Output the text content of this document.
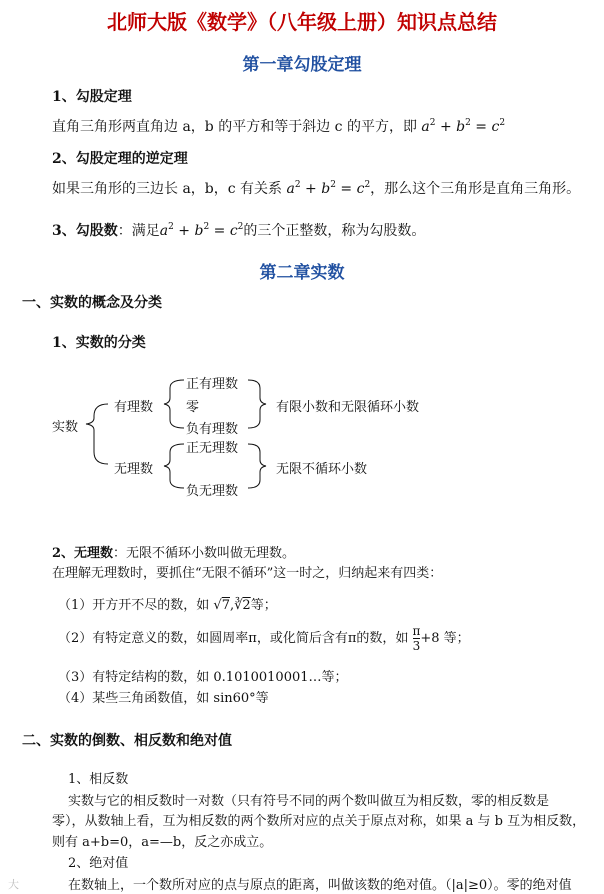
北师大版《数学》（八年级上册）知识点总结
第一章勾股定理
1、勾股定理
直角三角形两直角边 a，b 的平方和等于斜边 c 的平方，即 $a^2 + b^2 = c^2$
2、勾股定理的逆定理
如果三角形的三边长 a，b，c 有关系 $a^2 + b^2 = c^2$，那么这个三角形是直角三角形。
3、勾股数：满足$a^2 + b^2 = c^2$的三个正整数，称为勾股数。
第二章实数
一、实数的概念及分类
1、实数的分类
实数
有理数
无理数
正有理数
零
负有理数
正无理数
负无理数
有限小数和无限循环小数
无限不循环小数
2、无理数：无限不循环小数叫做无理数。
在理解无理数时，要抓住“无限不循环”这一时之，归纳起来有四类：
（1）开方开不尽的数，如 √7,∛2等；
（2）有特定意义的数，如圆周率π，或化简后含有π的数，如 $\frac{\pi}{3} +8$ 等；
（3）有特定结构的数，如 0.1010010001…等；
（4）某些三角函数值，如 sin60°等
二、实数的倒数、相反数和绝对值
1、相反数
实数与它的相反数时一对数（只有符号不同的两个数叫做互为相反数，零的相反数是
零），从数轴上看，互为相反数的两个数所对应的点关于原点对称，如果 a 与 b 互为相反数，
则有 a+b=0，a=—b，反之亦成立。
2、绝对值
在数轴上，一个数所对应的点与原点的距离，叫做该数的绝对值。（|a|≥0）。零的绝对值
大
